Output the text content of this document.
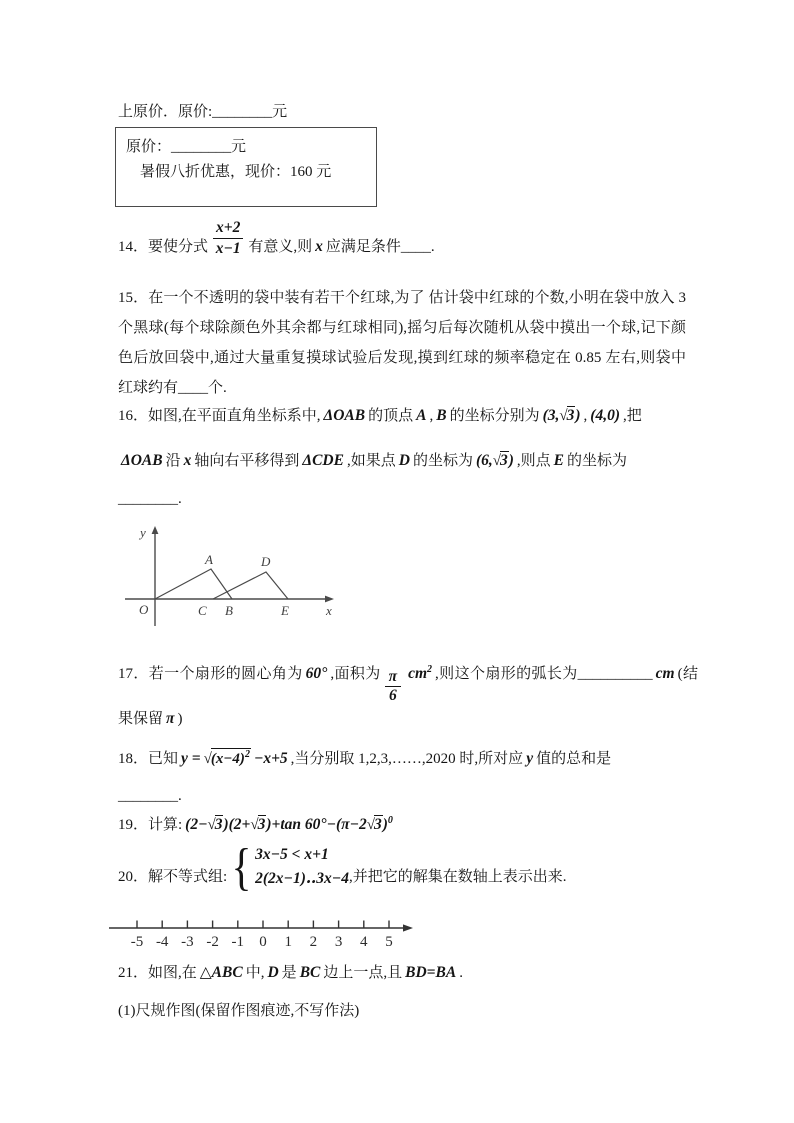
上原价．原价:________元
原价：________元
暑假八折优惠，现价：160 元
14．要使分式 $\frac{x+2}{x-1}$ 有意义,则 x 应满足条件____.
15．在一个不透明的袋中装有若干个红球,为了 估计袋中红球的个数,小明在袋中放入 3 个黑球(每个球除颜色外其余都与红球相同),摇匀后每次随机从袋中摸出一个球,记下颜色后放回袋中,通过大量重复摸球试验后发现,摸到红球的频率稳定在 0.85 左右,则袋中红球约有____个.
16．如图,在平面直角坐标系中, ΔOAB 的顶点 A , B 的坐标分别为 (3,√3) , (4,0) ,把
ΔOAB 沿 x 轴向右平移得到 ΔCDE ,如果点 D 的坐标为 (6,√3) ,则点 E 的坐标为
________.
y
x
O
A
B
C
D
E
17．若一个扇形的圆心角为 60° ,面积为 $\frac{\pi}{6} cm^2$ ,则这个扇形的弧长为__________ cm (结果保留 π )
18．已知 $y = √(x-4)^2 -x+5$ ,当分别取 1,2,3,……,2020 时,所对应 y 值的总和是
________.
19．计算: (2−√3)(2+√3)+tan $60^\circ-(\pi-2√3)^0$
20．解不等式组: { 3x−5 < x+1
2(2x−1)‥3x−4 ,并把它的解集在数轴上表示出来.
-5 -4 -3 -2 -1 0 1 2 3 4 5
21．如图,在 △ABC 中, D 是 BC 边上一点,且 BD=BA .
(1)尺规作图(保留作图痕迹,不写作法)
